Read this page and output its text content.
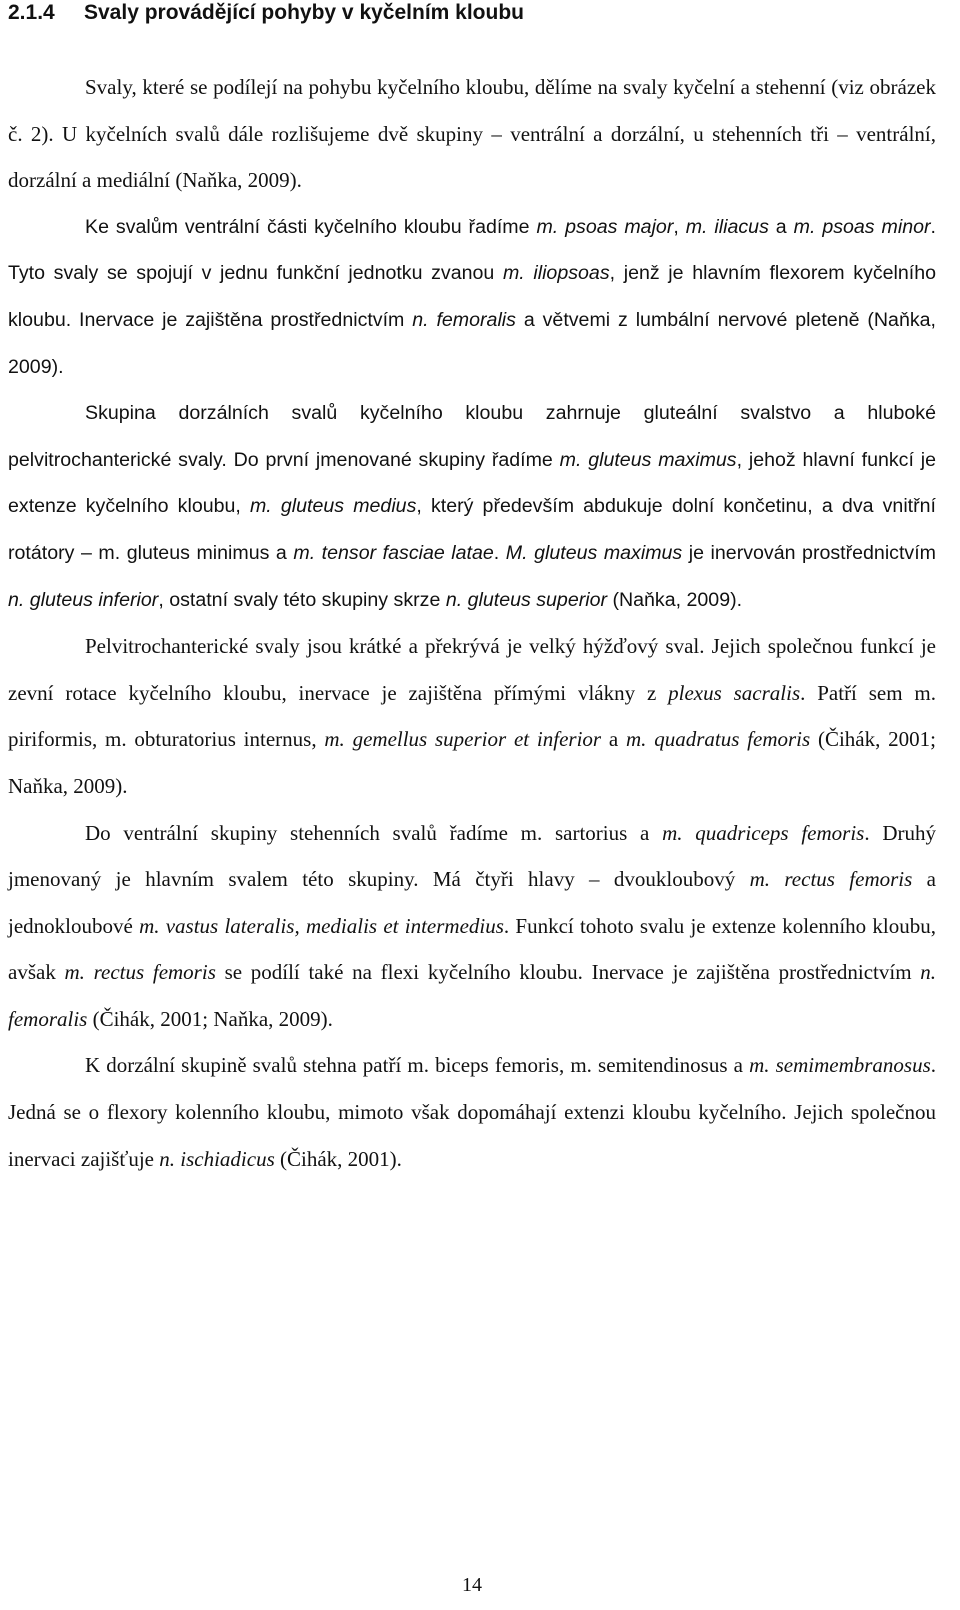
2.1.4 Svaly provádějící pohyby v kyčelním kloubu

Svaly, které se podílejí na pohybu kyčelního kloubu, dělíme na svaly kyčelní a stehenní (viz obrázek č. 2). U kyčelních svalů dále rozlišujeme dvě skupiny – ventrální a dorzální, u stehenních tři – ventrální, dorzální a mediální (Naňka, 2009).

Ke svalům ventrální části kyčelního kloubu řadíme m. psoas major, m. iliacus a m. psoas minor. Tyto svaly se spojují v jednu funkční jednotku zvanou m. iliopsoas, jenž je hlavním flexorem kyčelního kloubu. Inervace je zajištěna prostřednictvím n. femoralis a větvemi z lumbální nervové pleteně (Naňka, 2009).

Skupina dorzálních svalů kyčelního kloubu zahrnuje gluteální svalstvo a hluboké pelvitrochanterické svaly. Do první jmenované skupiny řadíme m. gluteus maximus, jehož hlavní funkcí je extenze kyčelního kloubu, m. gluteus medius, který především abdukuje dolní končetinu, a dva vnitřní rotátory – m. gluteus minimus a m. tensor fasciae latae. M. gluteus maximus je inervován prostřednictvím n. gluteus inferior, ostatní svaly této skupiny skrze n. gluteus superior (Naňka, 2009).

Pelvitrochanterické svaly jsou krátké a překrývá je velký hýžďový sval. Jejich společnou funkcí je zevní rotace kyčelního kloubu, inervace je zajištěna přímými vlákny z plexus sacralis. Patří sem m. piriformis, m. obturatorius internus, m. gemellus superior et inferior a m. quadratus femoris (Čihák, 2001; Naňka, 2009).

Do ventrální skupiny stehenních svalů řadíme m. sartorius a m. quadriceps femoris. Druhý jmenovaný je hlavním svalem této skupiny. Má čtyři hlavy – dvoukloubový m. rectus femoris a jednokloubové m. vastus lateralis, medialis et intermedius. Funkcí tohoto svalu je extenze kolenního kloubu, avšak m. rectus femoris se podílí také na flexi kyčelního kloubu. Inervace je zajištěna prostřednictvím n. femoralis (Čihák, 2001; Naňka, 2009).

K dorzální skupině svalů stehna patří m. biceps femoris, m. semitendinosus a m. semimembranosus. Jedná se o flexory kolenního kloubu, mimoto však dopomáhají extenzi kloubu kyčelního. Jejich společnou inervaci zajišťuje n. ischiadicus (Čihák, 2001).

14
